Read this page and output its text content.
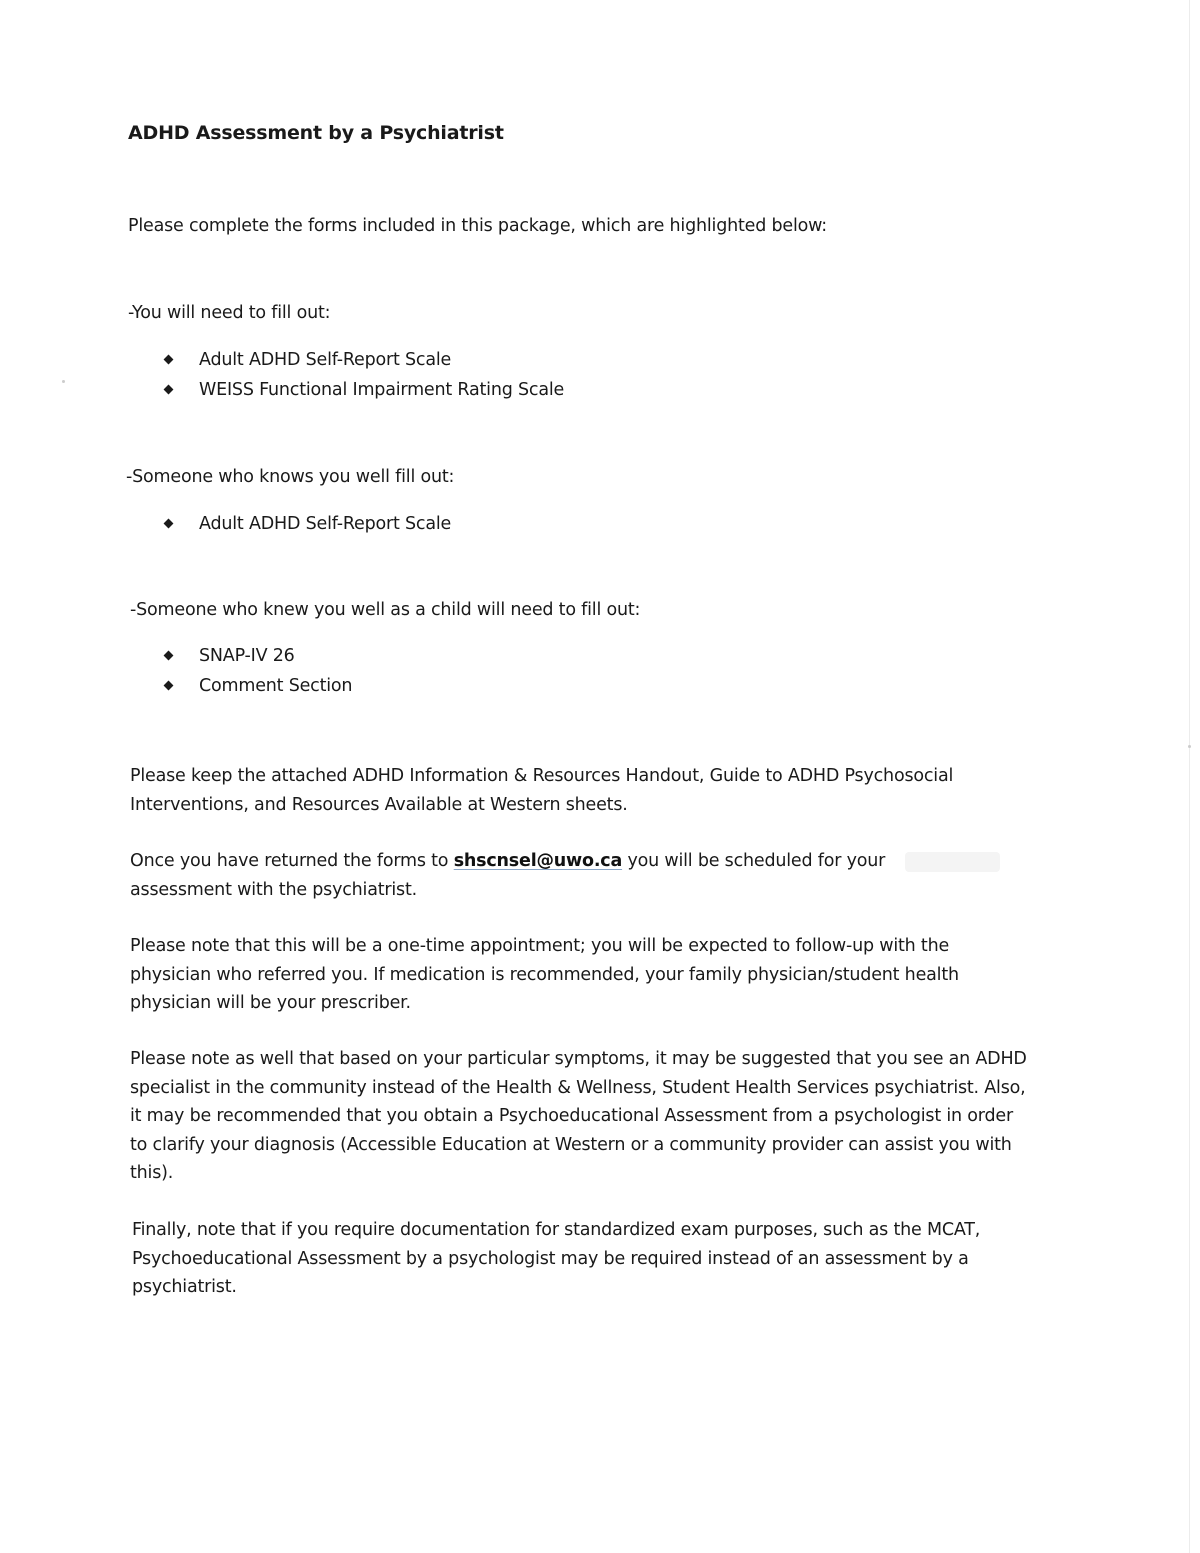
ADHD Assessment by a Psychiatrist

Please complete the forms included in this package, which are highlighted below:

-You will need to fill out:

Adult ADHD Self-Report Scale
WEISS Functional Impairment Rating Scale

-Someone who knows you well fill out:

Adult ADHD Self-Report Scale

-Someone who knew you well as a child will need to fill out:

SNAP-IV 26
Comment Section

Please keep the attached ADHD Information & Resources Handout, Guide to ADHD Psychosocial
Interventions, and Resources Available at Western sheets.

Once you have returned the forms to shscnsel@uwo.ca you will be scheduled for your
assessment with the psychiatrist.

Please note that this will be a one-time appointment; you will be expected to follow-up with the
physician who referred you. If medication is recommended, your family physician/student health
physician will be your prescriber.

Please note as well that based on your particular symptoms, it may be suggested that you see an ADHD
specialist in the community instead of the Health & Wellness, Student Health Services psychiatrist. Also,
it may be recommended that you obtain a Psychoeducational Assessment from a psychologist in order
to clarify your diagnosis (Accessible Education at Western or a community provider can assist you with
this).

Finally, note that if you require documentation for standardized exam purposes, such as the MCAT,
Psychoeducational Assessment by a psychologist may be required instead of an assessment by a
psychiatrist.
